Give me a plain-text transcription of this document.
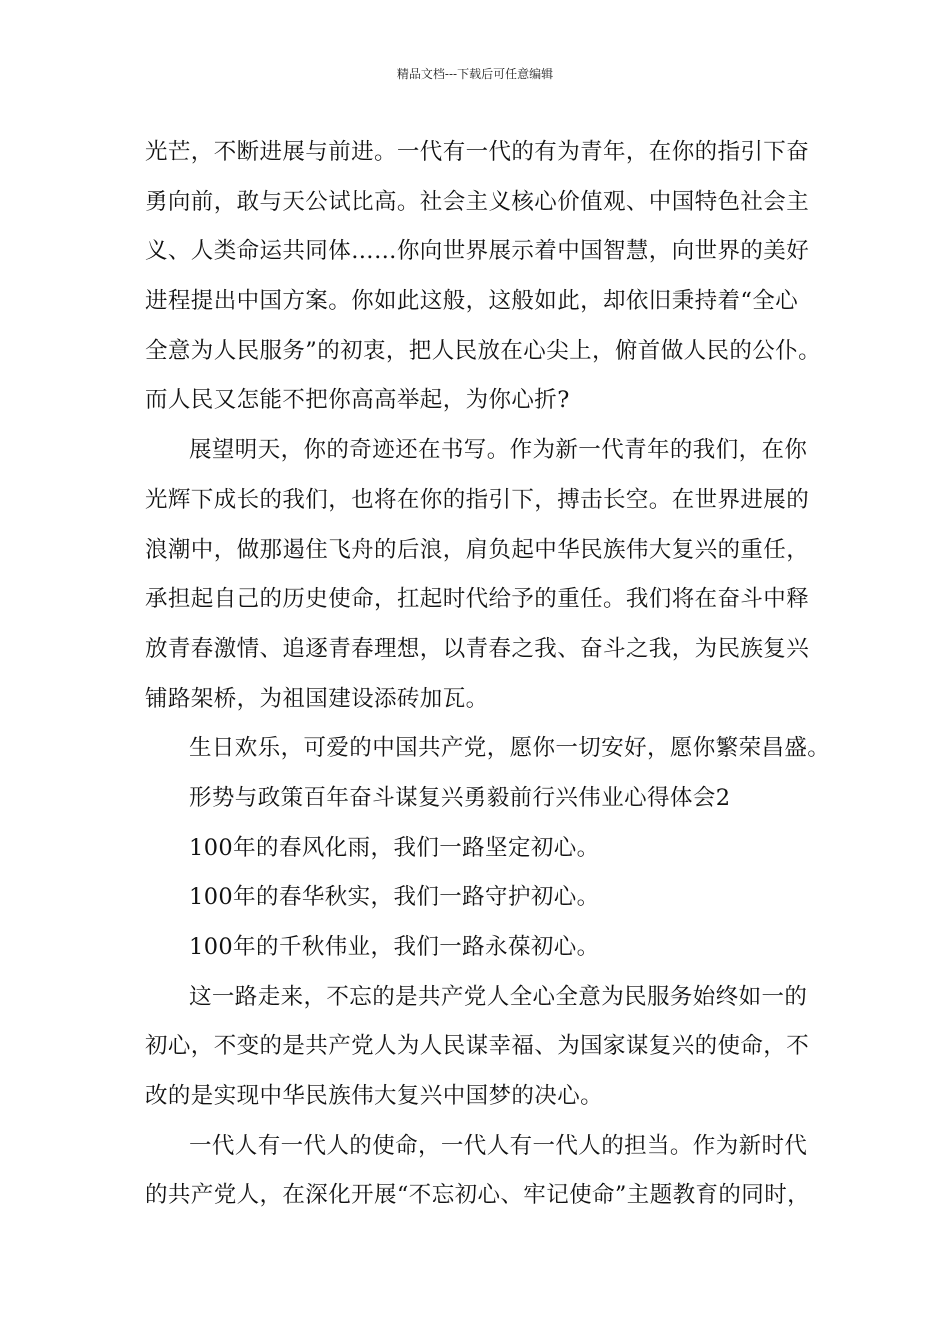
精品文档---下载后可任意编辑
光芒，不断进展与前进。一代有一代的有为青年，在你的指引下奋
勇向前，敢与天公试比高。社会主义核心价值观、中国特色社会主
义、人类命运共同体……你向世界展示着中国智慧，向世界的美好
进程提出中国方案。你如此这般，这般如此，却依旧秉持着“全心
全意为人民服务”的初衷，把人民放在心尖上，俯首做人民的公仆。
而人民又怎能不把你高高举起，为你心折?
展望明天，你的奇迹还在书写。作为新一代青年的我们，在你
光辉下成长的我们，也将在你的指引下，搏击长空。在世界进展的
浪潮中，做那遏住飞舟的后浪，肩负起中华民族伟大复兴的重任，
承担起自己的历史使命，扛起时代给予的重任。我们将在奋斗中释
放青春激情、追逐青春理想，以青春之我、奋斗之我，为民族复兴
铺路架桥，为祖国建设添砖加瓦。
生日欢乐，可爱的中国共产党，愿你一切安好，愿你繁荣昌盛。
形势与政策百年奋斗谋复兴勇毅前行兴伟业心得体会2
100年的春风化雨，我们一路坚定初心。
100年的春华秋实，我们一路守护初心。
100年的千秋伟业，我们一路永葆初心。
这一路走来，不忘的是共产党人全心全意为民服务始终如一的
初心，不变的是共产党人为人民谋幸福、为国家谋复兴的使命，不
改的是实现中华民族伟大复兴中国梦的决心。
一代人有一代人的使命，一代人有一代人的担当。作为新时代
的共产党人，在深化开展“不忘初心、牢记使命”主题教育的同时，
